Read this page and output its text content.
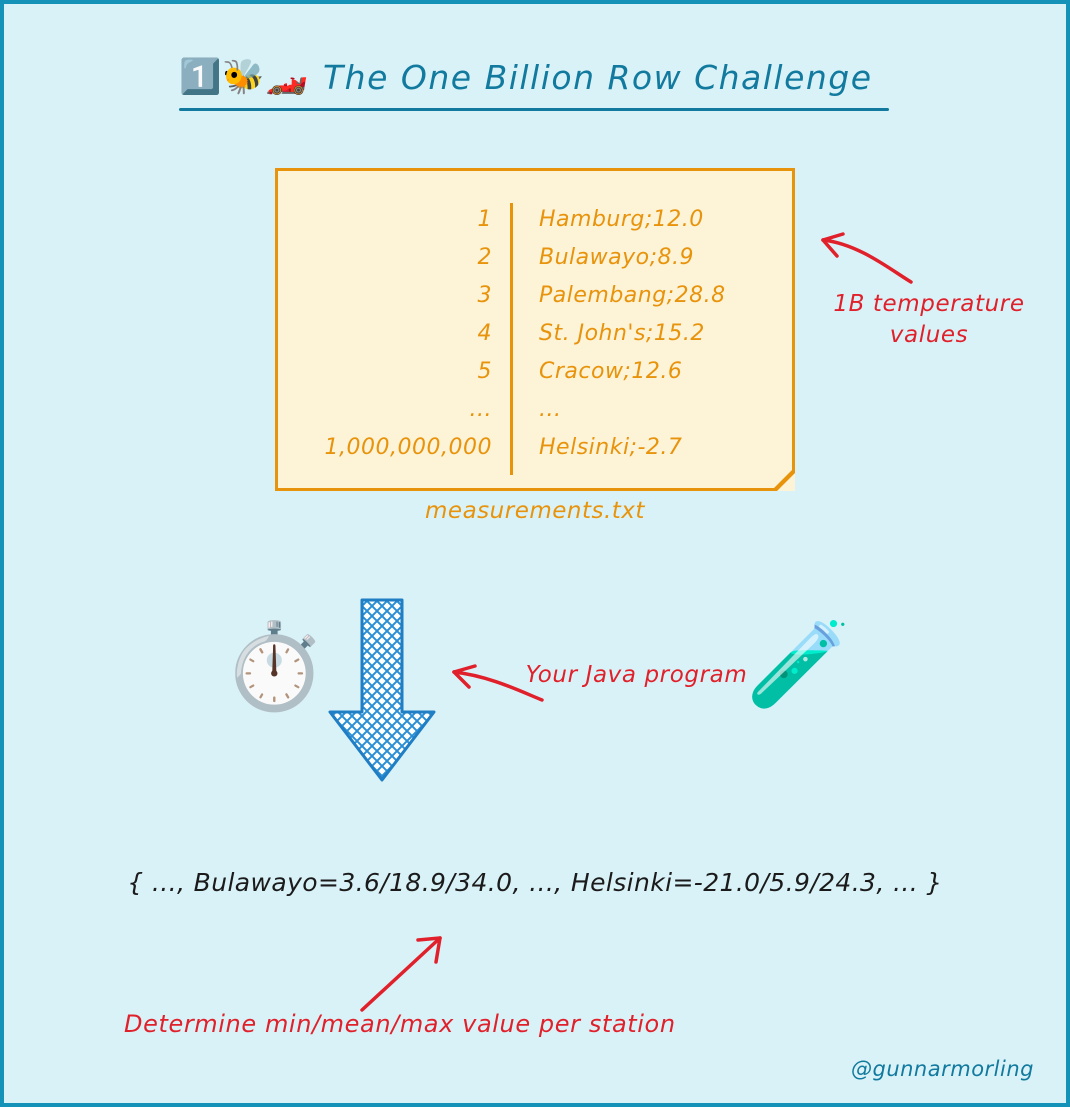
1️⃣🐝🏎️ The One Billion Row Challenge
1	Hamburg;12.0
2	Bulawayo;8.9
3	Palembang;28.8
4	St. John's;15.2
5	Cracow;12.6
...	...
1,000,000,000	Helsinki;-2.7
measurements.txt
1B temperature values
⏱️	Your Java program
🧪
{ ..., Bulawayo=3.6/18.9/34.0, ..., Helsinki=-21.0/5.9/24.3, ... }
Determine min/mean/max value per station
@gunnarmorling
